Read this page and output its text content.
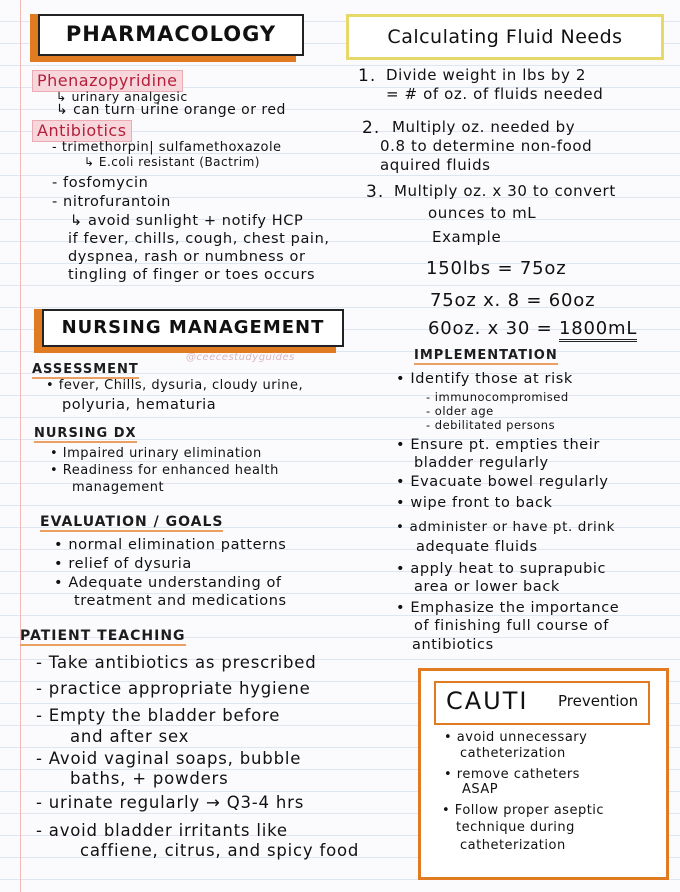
PHARMACOLOGY
Phenazopyridine
↳ urinary analgesic
↳ can turn urine orange or red
Antibiotics
- trimethorpin| sulfamethoxazole
↳ E.coli resistant (Bactrim)
- fosfomycin
- nitrofurantoin
↳ avoid sunlight + notify HCP
if fever, chills, cough, chest pain,
dyspnea, rash or numbness or
tingling of finger or toes occurs
Calculating Fluid Needs
1. Divide weight in lbs by 2
= # of oz. of fluids needed
2. Multiply oz. needed by
0.8 to determine non-food
aquired fluids
3. Multiply oz. x 30 to convert
ounces to mL
Example
150lbs = 75oz
75oz x. 8 = 60oz
60oz. x 30 = 1800mL
NURSING MANAGEMENT
@ceecestudyguides
ASSESSMENT
• fever, Chills, dysuria, cloudy urine,
polyuria, hematuria
NURSING DX
• Impaired urinary elimination
• Readiness for enhanced health
management
EVALUATION / GOALS
• normal elimination patterns
• relief of dysuria
• Adequate understanding of
treatment and medications
PATIENT TEACHING
- Take antibiotics as prescribed
- practice appropriate hygiene
- Empty the bladder before
and after sex
- Avoid vaginal soaps, bubble
baths, + powders
- urinate regularly → Q3-4 hrs
- avoid bladder irritants like
caffiene, citrus, and spicy food
IMPLEMENTATION
• Identify those at risk
- immunocompromised
- older age
- debilitated persons
• Ensure pt. empties their
bladder regularly
• Evacuate bowel regularly
• wipe front to back
• administer or have pt. drink
adequate fluids
• apply heat to suprapubic
area or lower back
• Emphasize the importance
of finishing full course of
antibiotics
CAUTI Prevention
• avoid unnecessary
catheterization
• remove catheters
ASAP
• Follow proper aseptic
technique during
catheterization
